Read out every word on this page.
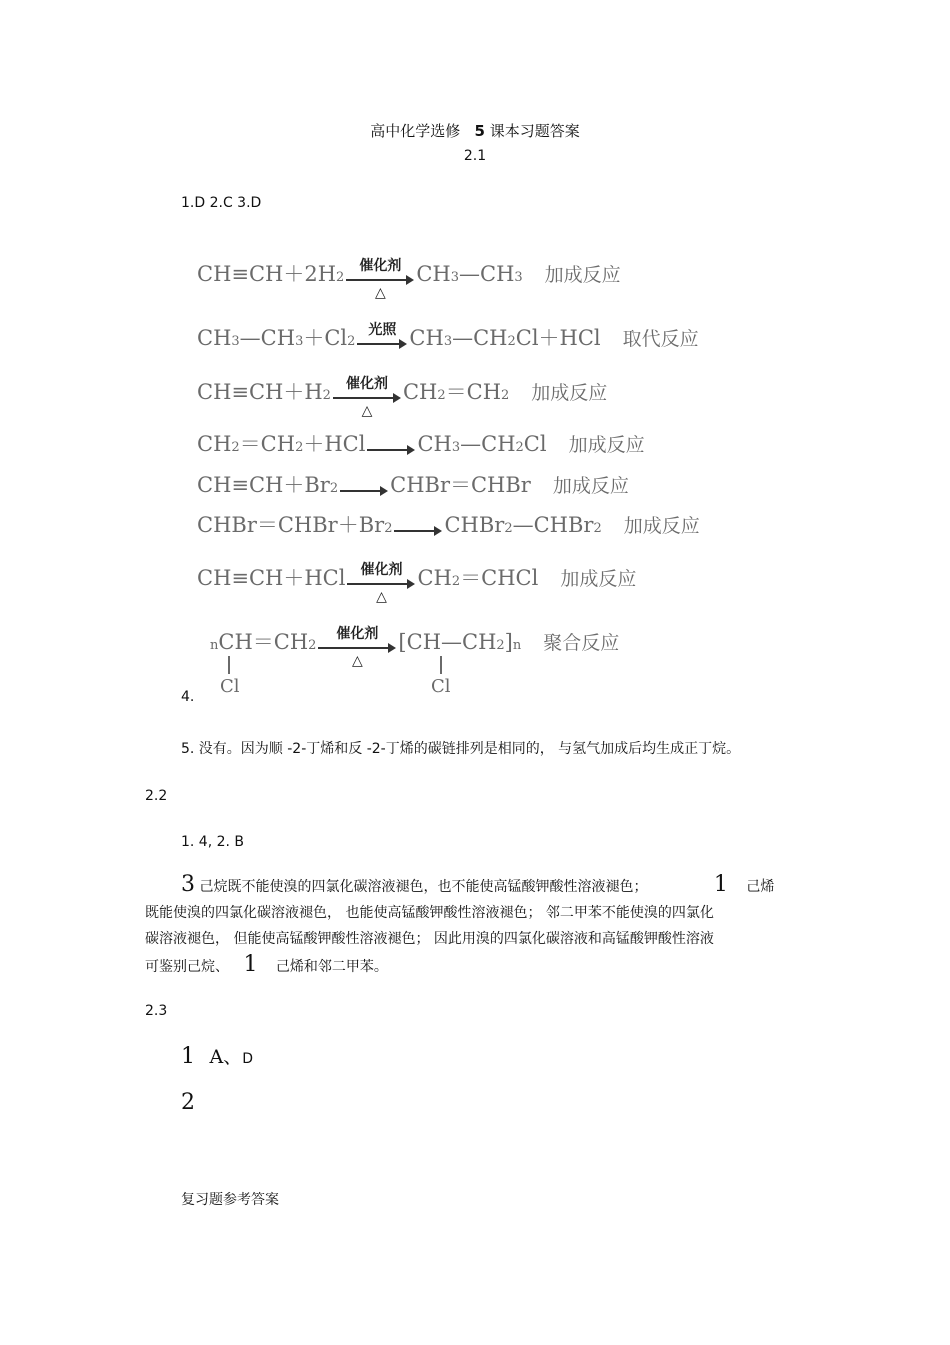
高中化学选修 5 课本习题答案
2.1
1.D 2.C 3.D
$CH\equiv CH+2H_2$
催化剂
△
CH 3 —CH 3 加成反应
CH 3 —CH $3 +Cl_2$
光照 CH 3 —CH 2 Cl＋HCl 取代反应
$CH\equiv CH+H_2$
催化剂
△
CH $2 =CH_2$ 加成反应
CH $2 =CH_2 +HCl$ CH 3 —CH 2 Cl 加成反应
$CH\equiv CH+Br_2$ CHBr＝CHBr 加成反应
$CHBr=CHBr+Br_2$ CHBr 2 —CHBr 2 加成反应
CH≡CH＋HCl	催化剂
△
CH 2 ＝CHCl 加成反应
n $CH=CH_2$
催化剂
△
[ CH—CH 2 ] n 聚合反应
Cl	Cl
4.
5. 没有。因为顺 -2-丁烯和反 -2-丁烯的碳链排列是相同的， 与氢气加成后均生成正丁烷。
2.2
1. 4, 2. B
3 己烷既不能使溴的四氯化碳溶液褪色，也不能使高锰酸钾酸性溶液褪色；	1 己烯
既能使溴的四氯化碳溶液褪色， 也能使高锰酸钾酸性溶液褪色； 邻二甲苯不能使溴的四氯化
碳溶液褪色， 但能使高锰酸钾酸性溶液褪色； 因此用溴的四氯化碳溶液和高锰酸钾酸性溶液
可鉴别己烷、 1 己烯和邻二甲苯。
2.3
1 A、D
2
复习题参考答案
